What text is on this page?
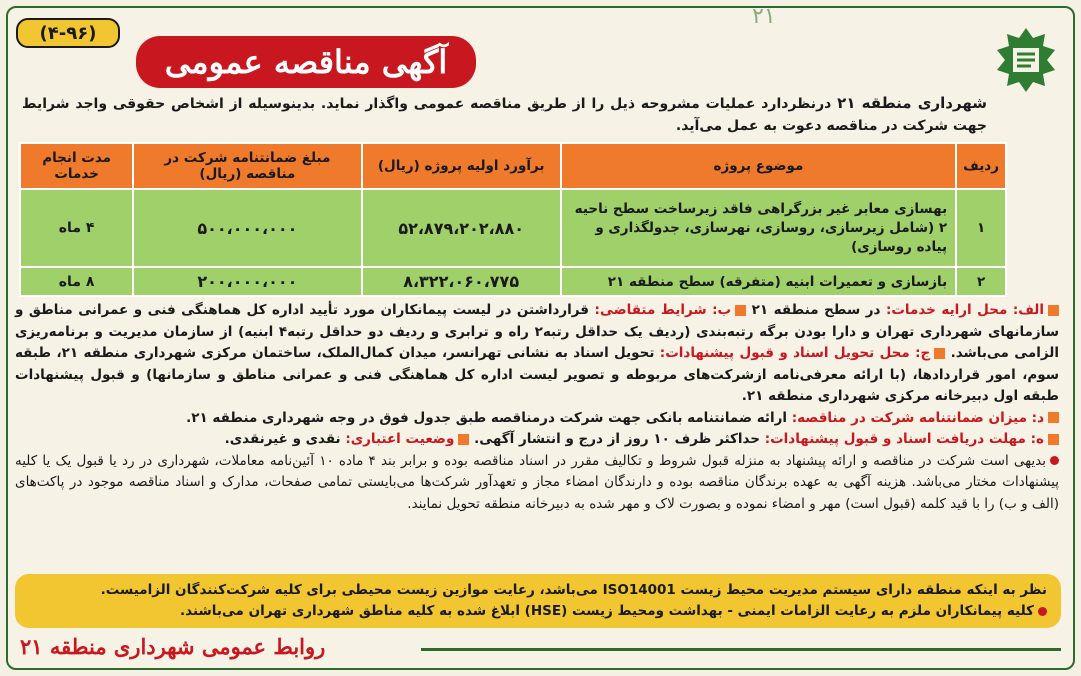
آگهی مناقصه عمومی
(۴-۹۶)
۲۱
شهرداری منطقه ۲۱ درنظردارد عملیات مشروحه ذیل را از طریق مناقصه عمومی واگذار نماید. بدینوسیله از اشخاص حقوقی واجد شرایط جهت شرکت در مناقصه دعوت به عمل می‌آید.
ردیف	موضوع پروژه	برآورد اولیه پروژه (ریال)	مبلغ ضمانتنامه شرکت در مناقصه (ریال)	مدت انجام خدمات
۱	بهسازی معابر غیر بزرگراهی فاقد زیرساخت سطح ناحیه ۲ (شامل زیرسازی، روسازی، نهرسازی، جدولگذاری و پیاده روسازی)	۵۲،۸۷۹،۲۰۲،۸۸۰	۵۰۰،۰۰۰،۰۰۰	۴ ماه
۲	بازسازی و تعمیرات ابنیه (متفرقه) سطح منطقه ۲۱	۸،۳۲۲،۰۶۰،۷۷۵	۲۰۰،۰۰۰،۰۰۰	۸ ماه
الف: محل ارایه خدمات: در سطح منطقه ۲۱ ب: شرایط متقاضی: قرارداشتن در لیست پیمانکاران مورد تأیید اداره کل هماهنگی فنی و عمرانی مناطق و سازمانهای شهرداری تهران و دارا بودن برگه رتبه‌بندی (ردیف یک حداقل رتبه۲ راه و ترابری و ردیف دو حداقل رتبه۴ ابنیه) از سازمان مدیریت و برنامه‌ریزی الزامی می‌باشد. ج: محل تحویل اسناد و قبول پیشنهادات: تحویل اسناد به نشانی تهرانسر، میدان کمال‌الملک، ساختمان مرکزی شهرداری منطقه ۲۱، طبقه سوم، امور قراردادها، (با ارائه معرفی‌نامه ازشرکت‌های مربوطه و تصویر لیست اداره کل هماهنگی فنی و عمرانی مناطق و سازمانها) و قبول پیشنهادات طبقه اول دبیرخانه مرکزی شهرداری منطقه ۲۱.
د: میزان ضمانتنامه شرکت در مناقصه: ارائه ضمانتنامه بانکی جهت شرکت درمناقصه طبق جدول فوق در وجه شهرداری منطقه ۲۱.
ه: مهلت دریافت اسناد و قبول پیشنهادات: حداکثر ظرف ۱۰ روز از درج و انتشار آگهی. وضعیت اعتباری: نقدی و غیرنقدی.
بدیهی است شرکت در مناقصه و ارائه پیشنهاد به منزله قبول شروط و تکالیف مقرر در اسناد مناقصه بوده و برابر بند ۴ ماده ۱۰ آئین‌نامه معاملات، شهرداری در رد یا قبول یک یا کلیه پیشنهادات مختار می‌باشد. هزینه آگهی به عهده برندگان مناقصه بوده و دارندگان امضاء مجاز و تعهدآور شرکت‌ها می‌بایستی تمامی صفحات، مدارک و اسناد مناقصه موجود در پاکت‌های (الف و ب) را با قید کلمه (قبول است) مهر و امضاء نموده و بصورت لاک و مهر شده به دبیرخانه منطقه تحویل نمایند.
نظر به اینکه منطقه دارای سیستم مدیریت محیط زیست ISO14001 می‌باشد، رعایت موازین زیست محیطی برای کلیه شرکت‌کنندگان الزامیست.
کلیه پیمانکاران ملزم به رعایت الزامات ایمنی - بهداشت ومحیط زیست (HSE) ابلاغ شده به کلیه مناطق شهرداری تهران می‌باشند.
روابط عمومی شهرداری منطقه ۲۱
